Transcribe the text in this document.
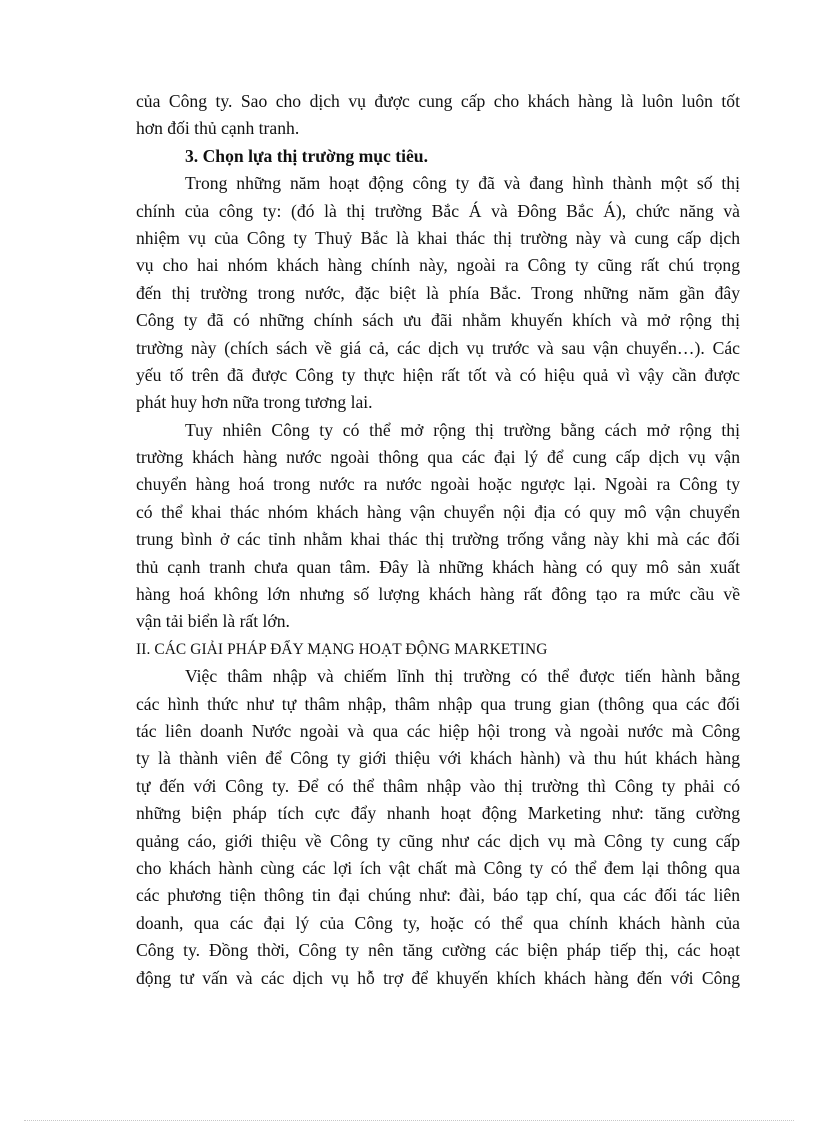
của Công ty. Sao cho dịch vụ được cung cấp cho khách hàng là luôn luôn tốt
hơn đối thủ cạnh tranh.
3. Chọn lựa thị trường mục tiêu.
Trong những năm hoạt động công ty đã và đang hình thành một số thị
chính của công ty: (đó là thị trường Bắc Á và Đông Bắc Á), chức năng và
nhiệm vụ của Công ty Thuỷ Bắc là khai thác thị trường này và cung cấp dịch
vụ cho hai nhóm khách hàng chính này, ngoài ra Công ty cũng rất chú trọng
đến thị trường trong nước, đặc biệt là phía Bắc. Trong những năm gần đây
Công ty đã có những chính sách ưu đãi nhằm khuyến khích và mở rộng thị
trường này (chích sách về giá cả, các dịch vụ trước và sau vận chuyển…). Các
yếu tố trên đã được Công ty thực hiện rất tốt và có hiệu quả vì vậy cần được
phát huy hơn nữa trong tương lai.
Tuy nhiên Công ty có thể mở rộng thị trường bằng cách mở rộng thị
trường khách hàng nước ngoài thông qua các đại lý để cung cấp dịch vụ vận
chuyển hàng hoá trong nước ra nước ngoài hoặc ngược lại. Ngoài ra Công ty
có thể khai thác nhóm khách hàng vận chuyển nội địa có quy mô vận chuyển
trung bình ở các tỉnh nhằm khai thác thị trường trống vắng này khi mà các đối
thủ cạnh tranh chưa quan tâm. Đây là những khách hàng có quy mô sản xuất
hàng hoá không lớn nhưng số lượng khách hàng rất đông tạo ra mức cầu về
vận tải biển là rất lớn.
II. CÁC GIẢI PHÁP ĐẨY MẠNG HOẠT ĐỘNG MARKETING
Việc thâm nhập và chiếm lĩnh thị trường có thể được tiến hành bằng
các hình thức như tự thâm nhập, thâm nhập qua trung gian (thông qua các đối
tác liên doanh Nước ngoài và qua các hiệp hội trong và ngoài nước mà Công
ty là thành viên để Công ty giới thiệu với khách hành) và thu hút khách hàng
tự đến với Công ty. Để có thể thâm nhập vào thị trường thì Công ty phải có
những biện pháp tích cực đẩy nhanh hoạt động Marketing như: tăng cường
quảng cáo, giới thiệu về Công ty cũng như các dịch vụ mà Công ty cung cấp
cho khách hành cùng các lợi ích vật chất mà Công ty có thể đem lại thông qua
các phương tiện thông tin đại chúng như: đài, báo tạp chí, qua các đối tác liên
doanh, qua các đại lý của Công ty, hoặc có thể qua chính khách hành của
Công ty. Đồng thời, Công ty nên tăng cường các biện pháp tiếp thị, các hoạt
động tư vấn và các dịch vụ hỗ trợ để khuyến khích khách hàng đến với Công
